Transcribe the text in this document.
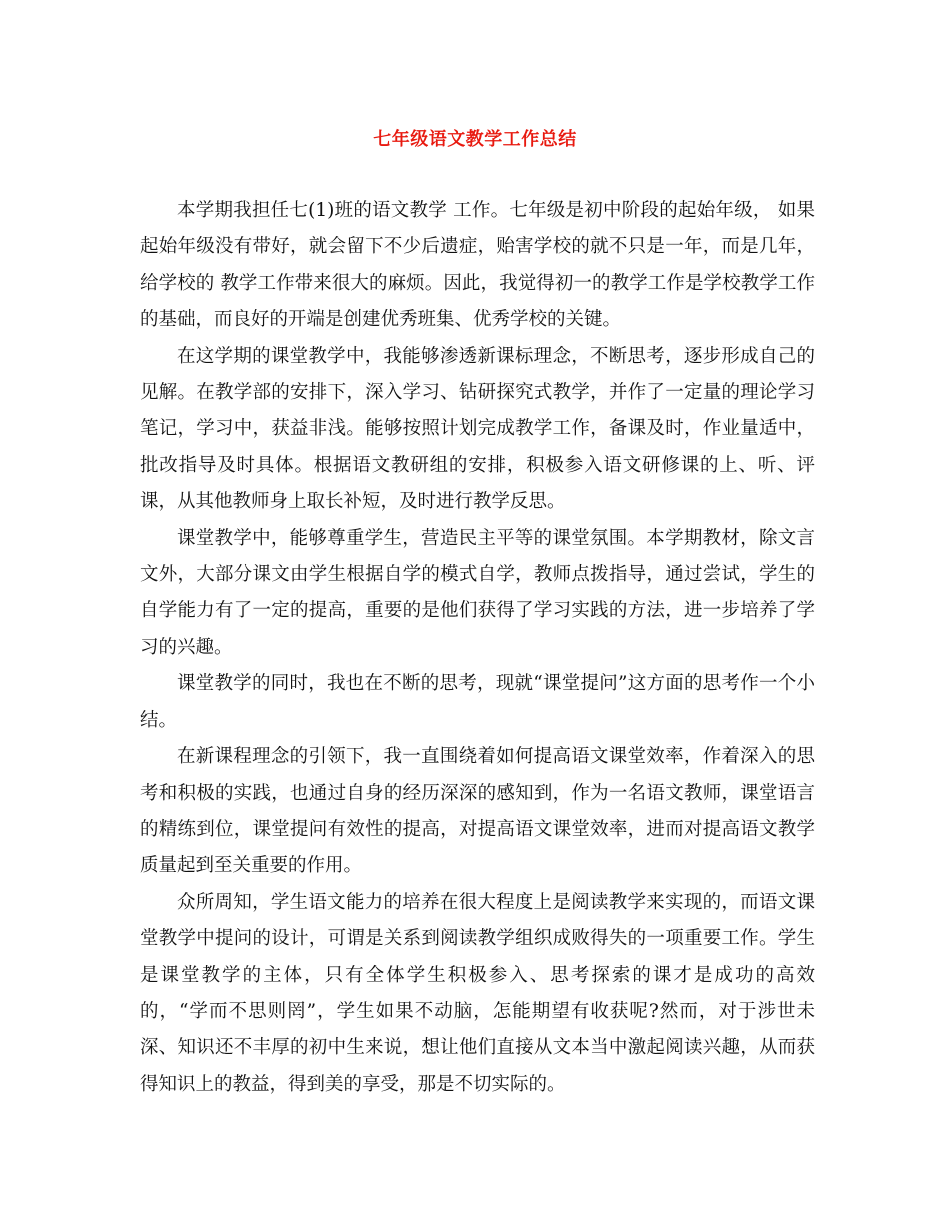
七年级语文教学工作总结

本学期我担任七(1)班的语文教学 工作。七年级是初中阶段的起始年级， 如果起始年级没有带好，就会留下不少后遗症，贻害学校的就不只是一年，而是几年，给学校的 教学工作带来很大的麻烦。因此，我觉得初一的教学工作是学校教学工作的基础，而良好的开端是创建优秀班集、优秀学校的关键。

在这学期的课堂教学中，我能够渗透新课标理念，不断思考，逐步形成自己的见解。在教学部的安排下，深入学习、钻研探究式教学，并作了一定量的理论学习笔记，学习中，获益非浅。能够按照计划完成教学工作，备课及时，作业量适中，批改指导及时具体。根据语文教研组的安排，积极参入语文研修课的上、听、评课，从其他教师身上取长补短，及时进行教学反思。

课堂教学中，能够尊重学生，营造民主平等的课堂氛围。本学期教材，除文言文外，大部分课文由学生根据自学的模式自学，教师点拨指导，通过尝试，学生的自学能力有了一定的提高，重要的是他们获得了学习实践的方法，进一步培养了学习的兴趣。

课堂教学的同时，我也在不断的思考，现就“课堂提问”这方面的思考作一个小结。

在新课程理念的引领下，我一直围绕着如何提高语文课堂效率，作着深入的思考和积极的实践，也通过自身的经历深深的感知到，作为一名语文教师，课堂语言的精练到位，课堂提问有效性的提高，对提高语文课堂效率，进而对提高语文教学质量起到至关重要的作用。

众所周知，学生语文能力的培养在很大程度上是阅读教学来实现的，而语文课堂教学中提问的设计，可谓是关系到阅读教学组织成败得失的一项重要工作。学生是课堂教学的主体，只有全体学生积极参入、思考探索的课才是成功的高效的，“学而不思则罔”，学生如果不动脑，怎能期望有收获呢?然而，对于涉世未深、知识还不丰厚的初中生来说，想让他们直接从文本当中激起阅读兴趣，从而获得知识上的教益，得到美的享受，那是不切实际的。
